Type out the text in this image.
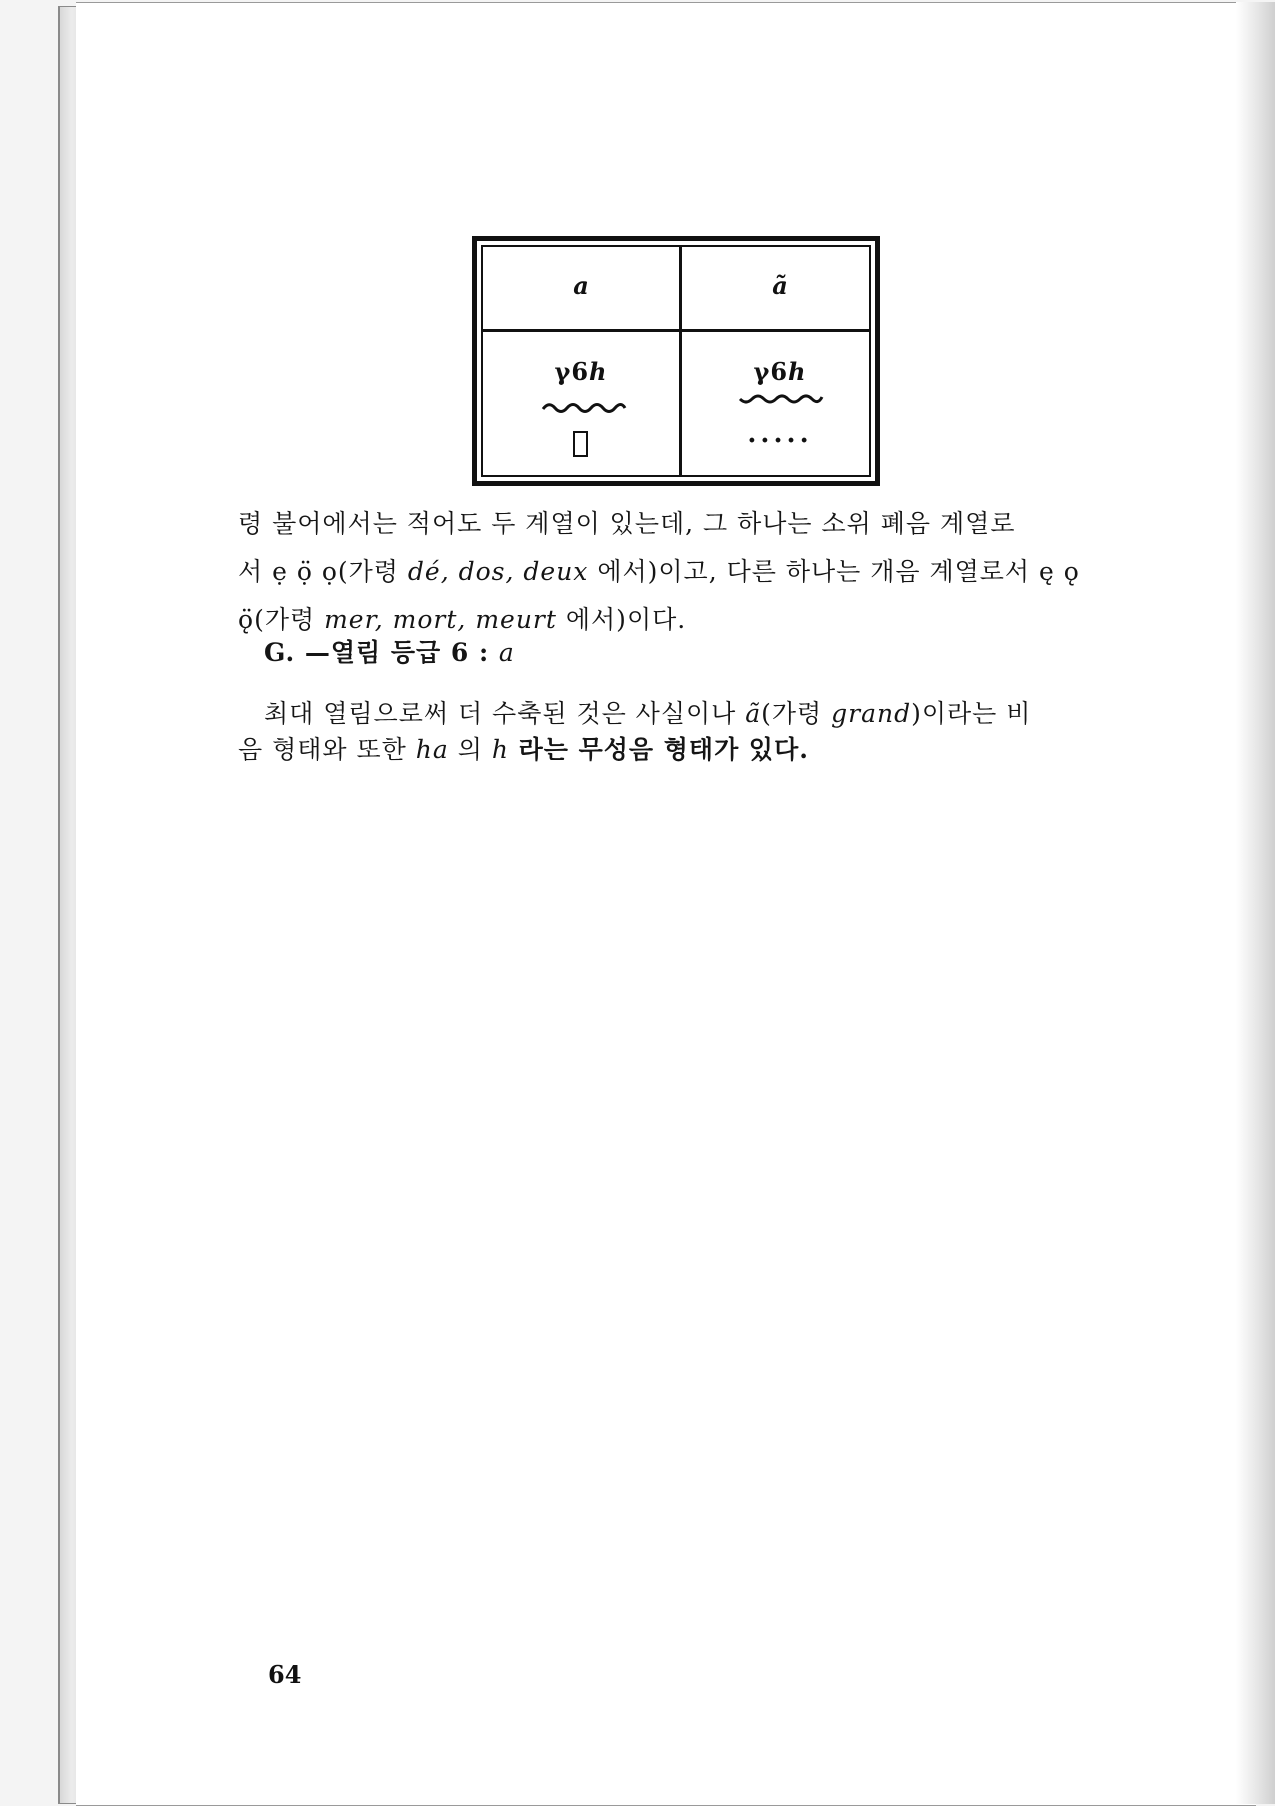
a	ã
γ6h	γ6h
.....
령 불어에서는 적어도 두 계열이 있는데, 그 하나는 소위 폐음 계열로
서 ẹ ọ̈ ọ(가령 dé, dos, deux 에서)이고, 다른 하나는 개음 계열로서 ę ǫ
ǫ̈(가령 mer, mort, meurt 에서)이다.
G. —열림 등급 6 : a
최대 열림으로써 더 수축된 것은 사실이나 ã(가령 grand)이라는 비
음 형태와 또한 ha 의 h 라는 무성음 형태가 있다.
64
